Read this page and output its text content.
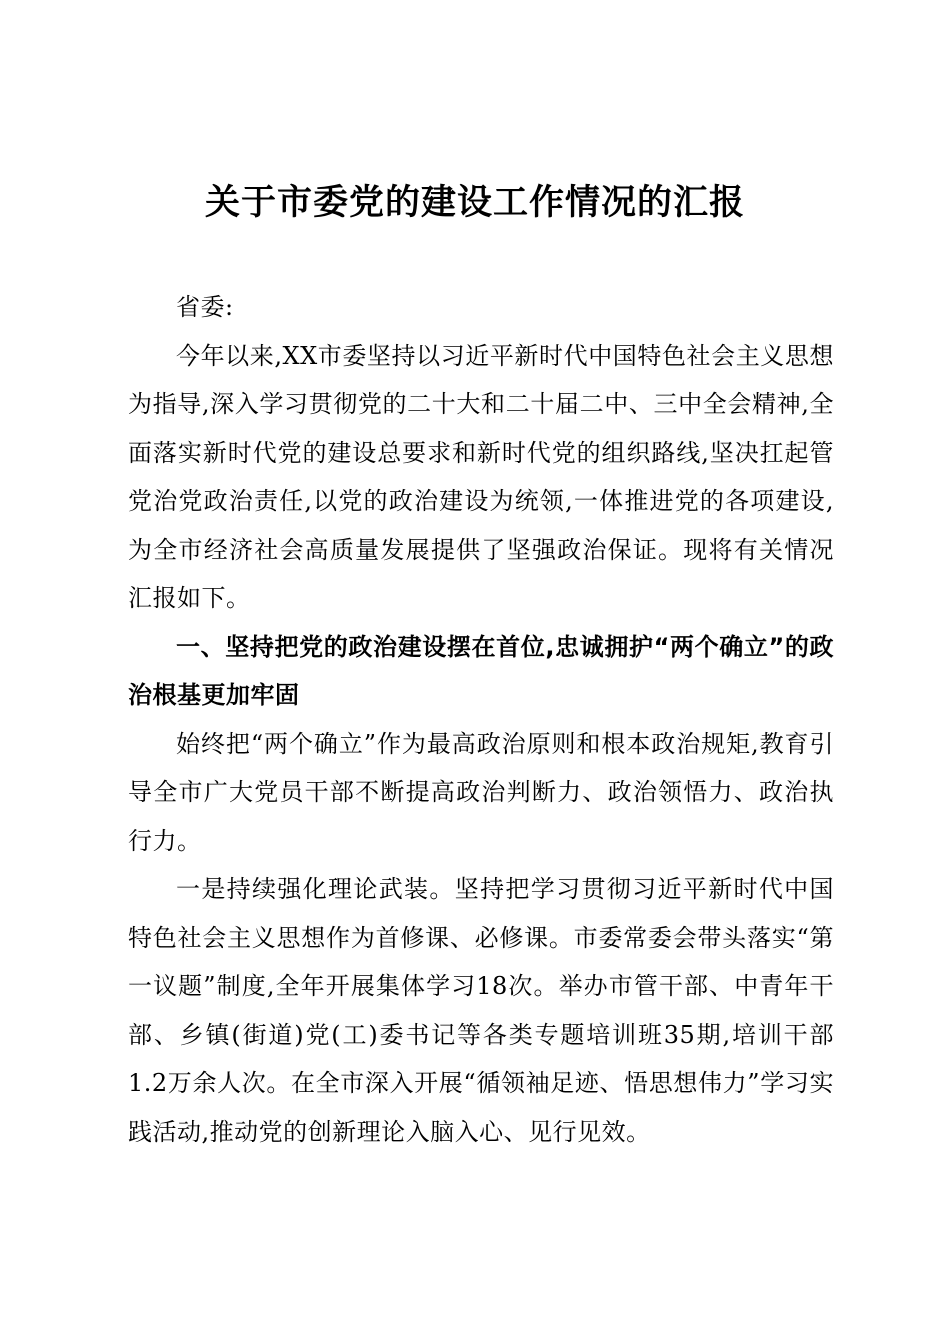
关于市委党的建设工作情况的汇报

省委:

今年以来,XX市委坚持以习近平新时代中国特色社会主义思想为指导,深入学习贯彻党的二十大和二十届二中、三中全会精神,全面落实新时代党的建设总要求和新时代党的组织路线,坚决扛起管党治党政治责任,以党的政治建设为统领,一体推进党的各项建设,为全市经济社会高质量发展提供了坚强政治保证。现将有关情况汇报如下。

一、坚持把党的政治建设摆在首位,忠诚拥护“两个确立”的政治根基更加牢固

始终把“两个确立”作为最高政治原则和根本政治规矩,教育引导全市广大党员干部不断提高政治判断力、政治领悟力、政治执行力。

一是持续强化理论武装。坚持把学习贯彻习近平新时代中国特色社会主义思想作为首修课、必修课。市委常委会带头落实“第一议题”制度,全年开展集体学习18次。举办市管干部、中青年干部、乡镇(街道)党(工)委书记等各类专题培训班35期,培训干部1.2万余人次。在全市深入开展“循领袖足迹、悟思想伟力”学习实践活动,推动党的创新理论入脑入心、见行见效。
